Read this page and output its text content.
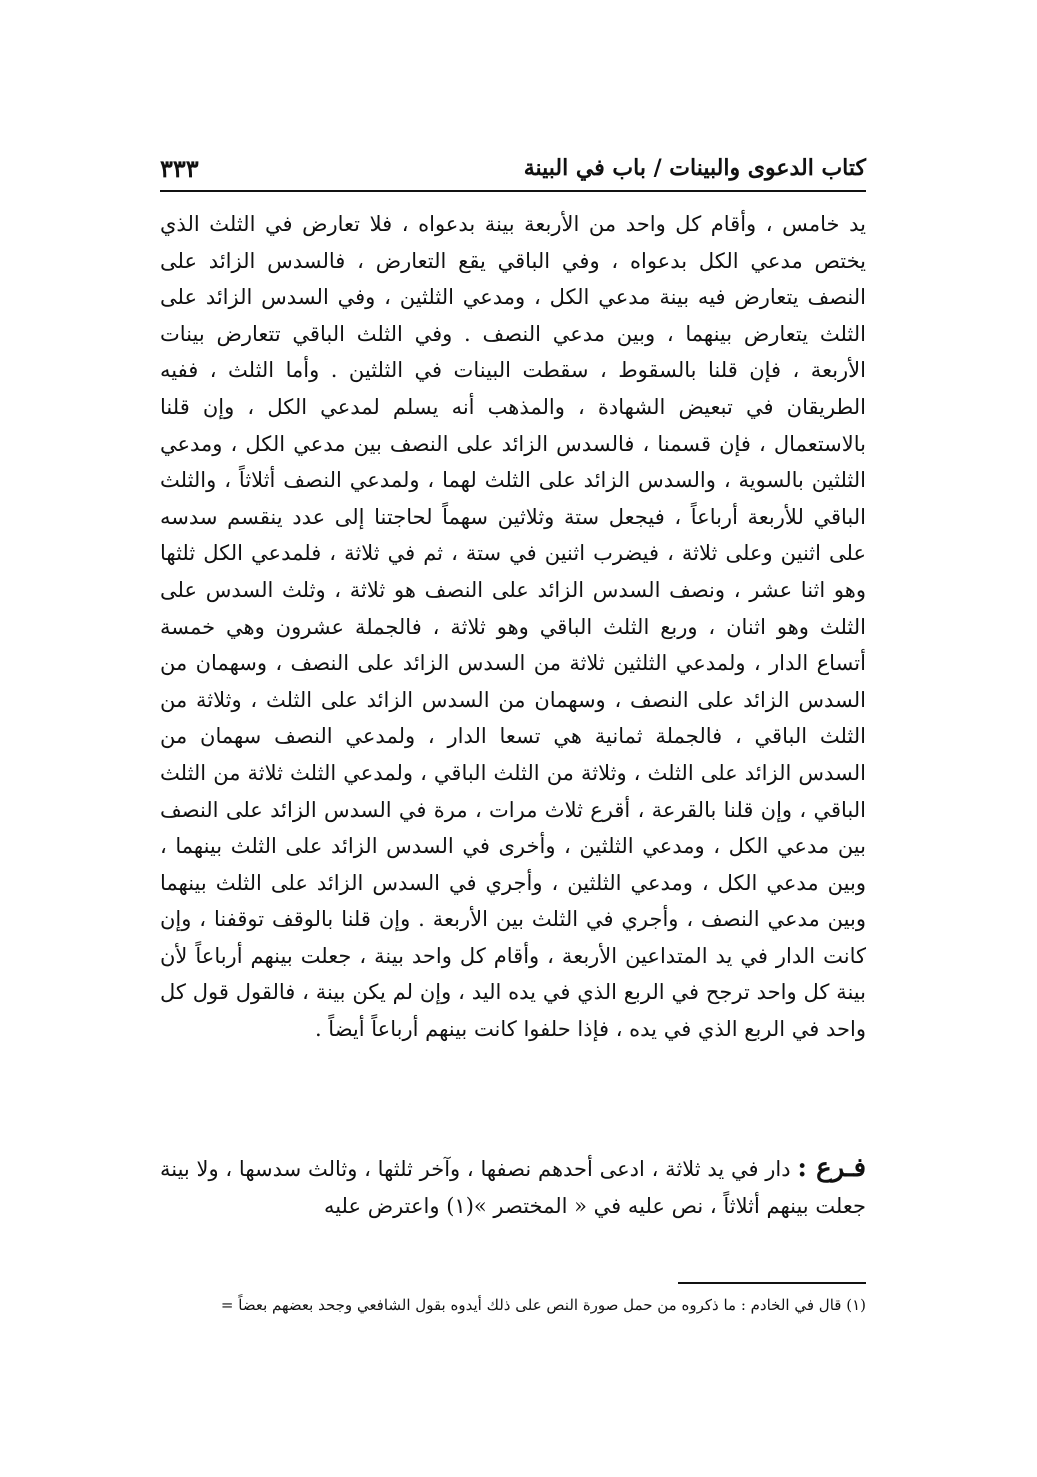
كتاب الدعوى والبينات / باب في البينة
٣٣٣

يد خامس ، وأقام كل واحد من الأربعة بينة بدعواه ، فلا تعارض في الثلث الذي يختص مدعي الكل بدعواه ، وفي الباقي يقع التعارض ، فالسدس الزائد على النصف يتعارض فيه بينة مدعي الكل ، ومدعي الثلثين ، وفي السدس الزائد على الثلث يتعارض بينهما ، وبين مدعي النصف . وفي الثلث الباقي تتعارض بينات الأربعة ، فإن قلنا بالسقوط ، سقطت البينات في الثلثين . وأما الثلث ، ففيه الطريقان في تبعيض الشهادة ، والمذهب أنه يسلم لمدعي الكل ، وإن قلنا بالاستعمال ، فإن قسمنا ، فالسدس الزائد على النصف بين مدعي الكل ، ومدعي الثلثين بالسوية ، والسدس الزائد على الثلث لهما ، ولمدعي النصف أثلاثاً ، والثلث الباقي للأربعة أرباعاً ، فيجعل ستة وثلاثين سهماً لحاجتنا إلى عدد ينقسم سدسه على اثنين وعلى ثلاثة ، فيضرب اثنين في ستة ، ثم في ثلاثة ، فلمدعي الكل ثلثها وهو اثنا عشر ، ونصف السدس الزائد على النصف هو ثلاثة ، وثلث السدس على الثلث وهو اثنان ، وربع الثلث الباقي وهو ثلاثة ، فالجملة عشرون وهي خمسة أتساع الدار ، ولمدعي الثلثين ثلاثة من السدس الزائد على النصف ، وسهمان من السدس الزائد على النصف ، وسهمان من السدس الزائد على الثلث ، وثلاثة من الثلث الباقي ، فالجملة ثمانية هي تسعا الدار ، ولمدعي النصف سهمان من السدس الزائد على الثلث ، وثلاثة من الثلث الباقي ، ولمدعي الثلث ثلاثة من الثلث الباقي ، وإن قلنا بالقرعة ، أقرع ثلاث مرات ، مرة في السدس الزائد على النصف بين مدعي الكل ، ومدعي الثلثين ، وأخرى في السدس الزائد على الثلث بينهما ، وبين مدعي الكل ، ومدعي الثلثين ، وأجري في السدس الزائد على الثلث بينهما وبين مدعي النصف ، وأجري في الثلث بين الأربعة . وإن قلنا بالوقف توقفنا ، وإن كانت الدار في يد المتداعين الأربعة ، وأقام كل واحد بينة ، جعلت بينهم أرباعاً لأن بينة كل واحد ترجح في الربع الذي في يده اليد ، وإن لم يكن بينة ، فالقول قول كل واحد في الربع الذي في يده ، فإذا حلفوا كانت بينهم أرباعاً أيضاً .

فـرع : دار في يد ثلاثة ، ادعى أحدهم نصفها ، وآخر ثلثها ، وثالث سدسها ، ولا بينة جعلت بينهم أثلاثاً ، نص عليه في « المختصر »(١) واعترض عليه

(١) قال في الخادم : ما ذكروه من حمل صورة النص على ذلك أيدوه بقول الشافعي وجحد بعضهم بعضاً =
